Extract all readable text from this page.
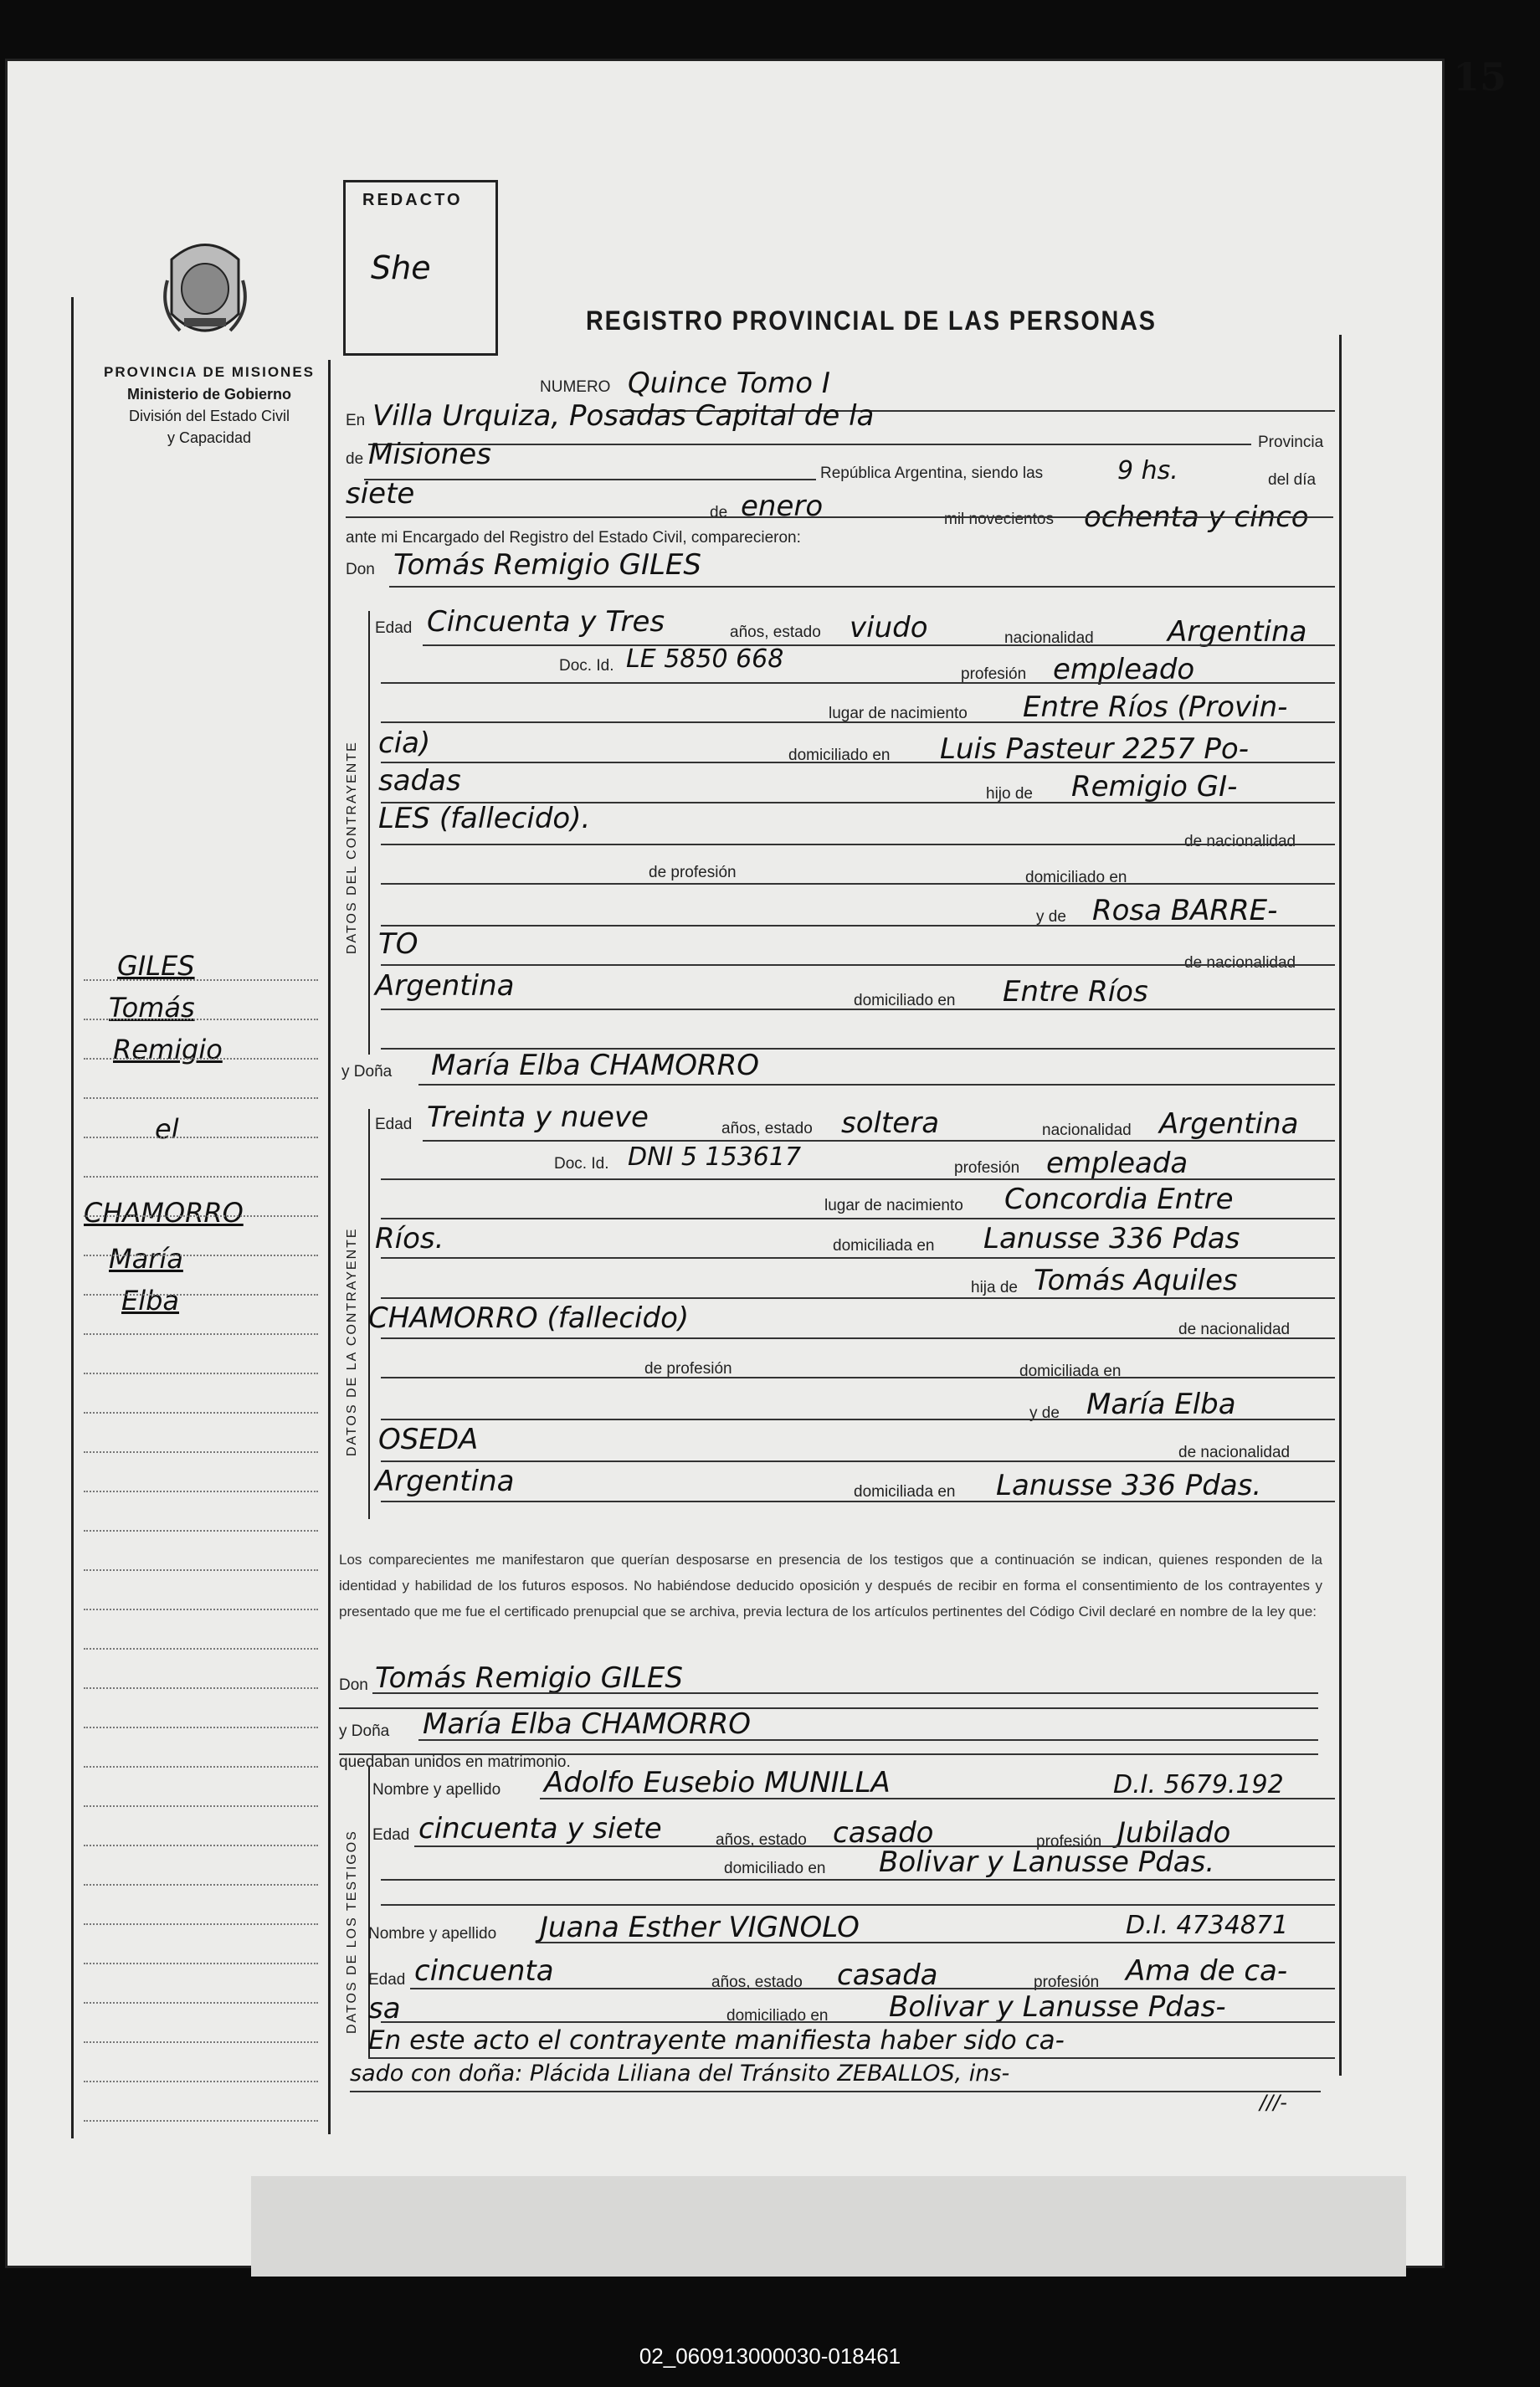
15
PROVINCIA DE MISIONES
Ministerio de Gobierno
División del Estado Civil
y Capacidad
REDACTO
She
REGISTRO PROVINCIAL DE LAS PERSONAS
DATOS DEL CONTRAYENTE
DATOS DE LA CONTRAYENTE
DATOS DE LOS TESTIGOS
NUMERO Quince Tomo I
En Villa Urquiza, Posadas Capital de la
Provincia
de Misiones
República Argentina, siendo las	9 hs.	del día
siete
de enero	mil novecientos ochenta y cinco
ante mi Encargado del Registro del Estado Civil, comparecieron:
Don Tomás Remigio GILES
Edad Cincuenta y Tres	años, estado viudo	nacionalidad	Argentina
Doc. Id. LE 5850 668
profesión empleado
lugar de nacimiento Entre Ríos (Provin-
cia)	domiciliado en Luis Pasteur 2257 Po-
sadas	hijo de Remigio GI-
LES (fallecido).
de nacionalidad
de profesión	domiciliado en
y de Rosa BARRE-
TO
de nacionalidad
Argentina	domiciliado en Entre Ríos
y Doña María Elba CHAMORRO
Edad Treinta y nueve	años, estado soltera	nacionalidad Argentina
Doc. Id. DNI 5 153617	profesión empleada
lugar de nacimiento Concordia Entre
Ríos.	domiciliada en Lanusse 336 Pdas
hija de Tomás Aquiles
CHAMORRO (fallecido)	de nacionalidad
de profesión	domiciliada en
y de María Elba
OSEDA	de nacionalidad
Argentina	domiciliada en Lanusse 336 Pdas.
Los comparecientes me manifestaron que querían desposarse en presencia de los testigos que a continuación se indican, quienes responden de la identidad y habilidad de los futuros esposos. No habiéndose deducido oposición y después de recibir en forma el consentimiento de los contrayentes y presentado que me fue el certificado prenupcial que se archiva, previa lectura de los artículos pertinentes del Código Civil declaré en nombre de la ley que:
Don Tomás Remigio GILES
y Doña María Elba CHAMORRO
quedaban unidos en matrimonio.
Nombre y apellido Adolfo Eusebio MUNILLA	D.I. 5679.192
Edad cincuenta y siete	años, estado casado	profesión Jubilado
domiciliado en Bolivar y Lanusse Pdas.
Nombre y apellido Juana Esther VIGNOLO	D.I. 4734871
Edad cincuenta	años, estado casada	profesión Ama de ca-
sa	domiciliado en Bolivar y Lanusse Pdas-
En este acto el contrayente manifiesta haber sido ca-
sado con doña: Plácida Liliana del Tránsito ZEBALLOS, ins-
///-
GILES
Tomás
Remigio
el
CHAMORRO
María
Elba
02_060913000030-018461
